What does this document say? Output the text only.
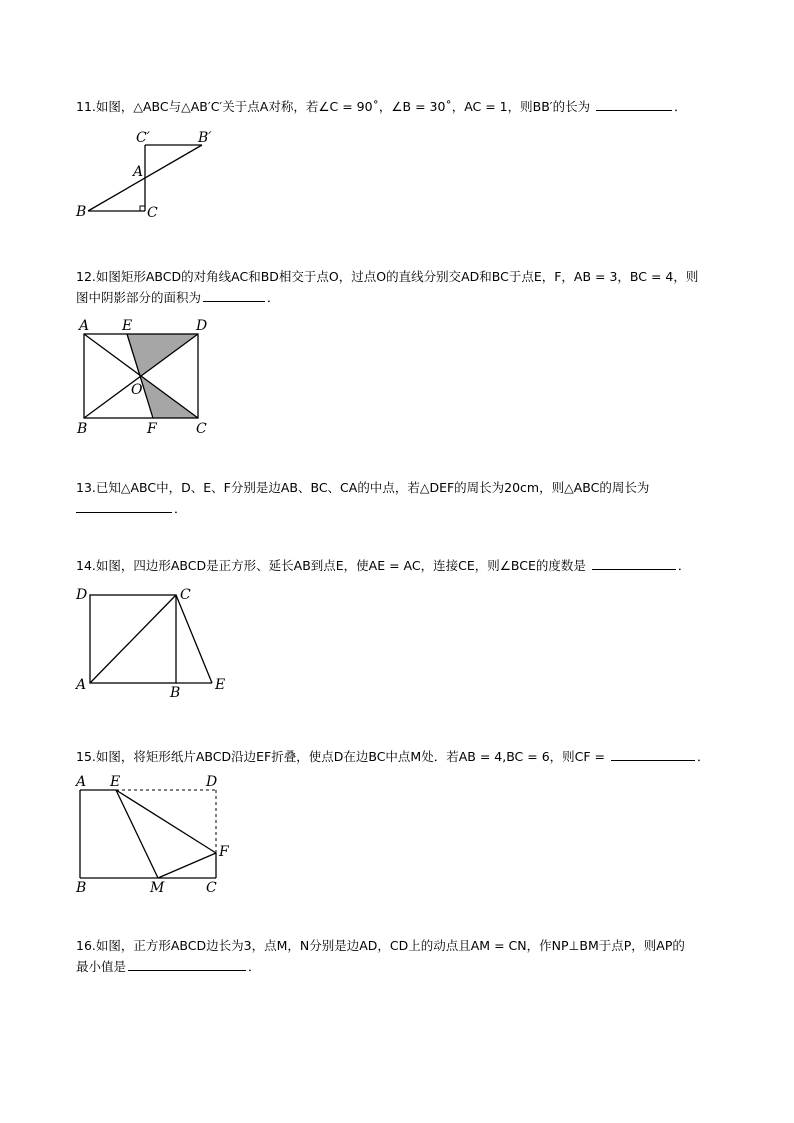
11.如图，△ABC与△AB′C′关于点A对称，若∠C = 90˚，∠B = 30˚，AC = 1，则BB′的长为	．
C′	B′
A
B	C
12.如图矩形ABCD的对角线AC和BD相交于点O，过点O的直线分别交AD和BC于点E，F，AB = 3，BC = 4，则
图中阴影部分的面积为	．
A E	D
O
B	F	C
13.已知△ABC中，D、E、F分别是边AB、BC、CA的中点，若△DEF的周长为20cm，则△ABC的周长为
．
14.如图，四边形ABCD是正方形、延长AB到点E，使AE = AC，连接CE，则∠BCE的度数是	．
D	C
A	B E
15.如图，将矩形纸片ABCD沿边EF折叠，使点D在边BC中点M处．若AB = 4,BC = 6，则CF =	．
A E	D
F
B	M	C
16.如图，正方形ABCD边长为3，点M，N分别是边AD，CD上的动点且AM = CN，作NP⊥BM于点P，则AP的
最小值是	．
